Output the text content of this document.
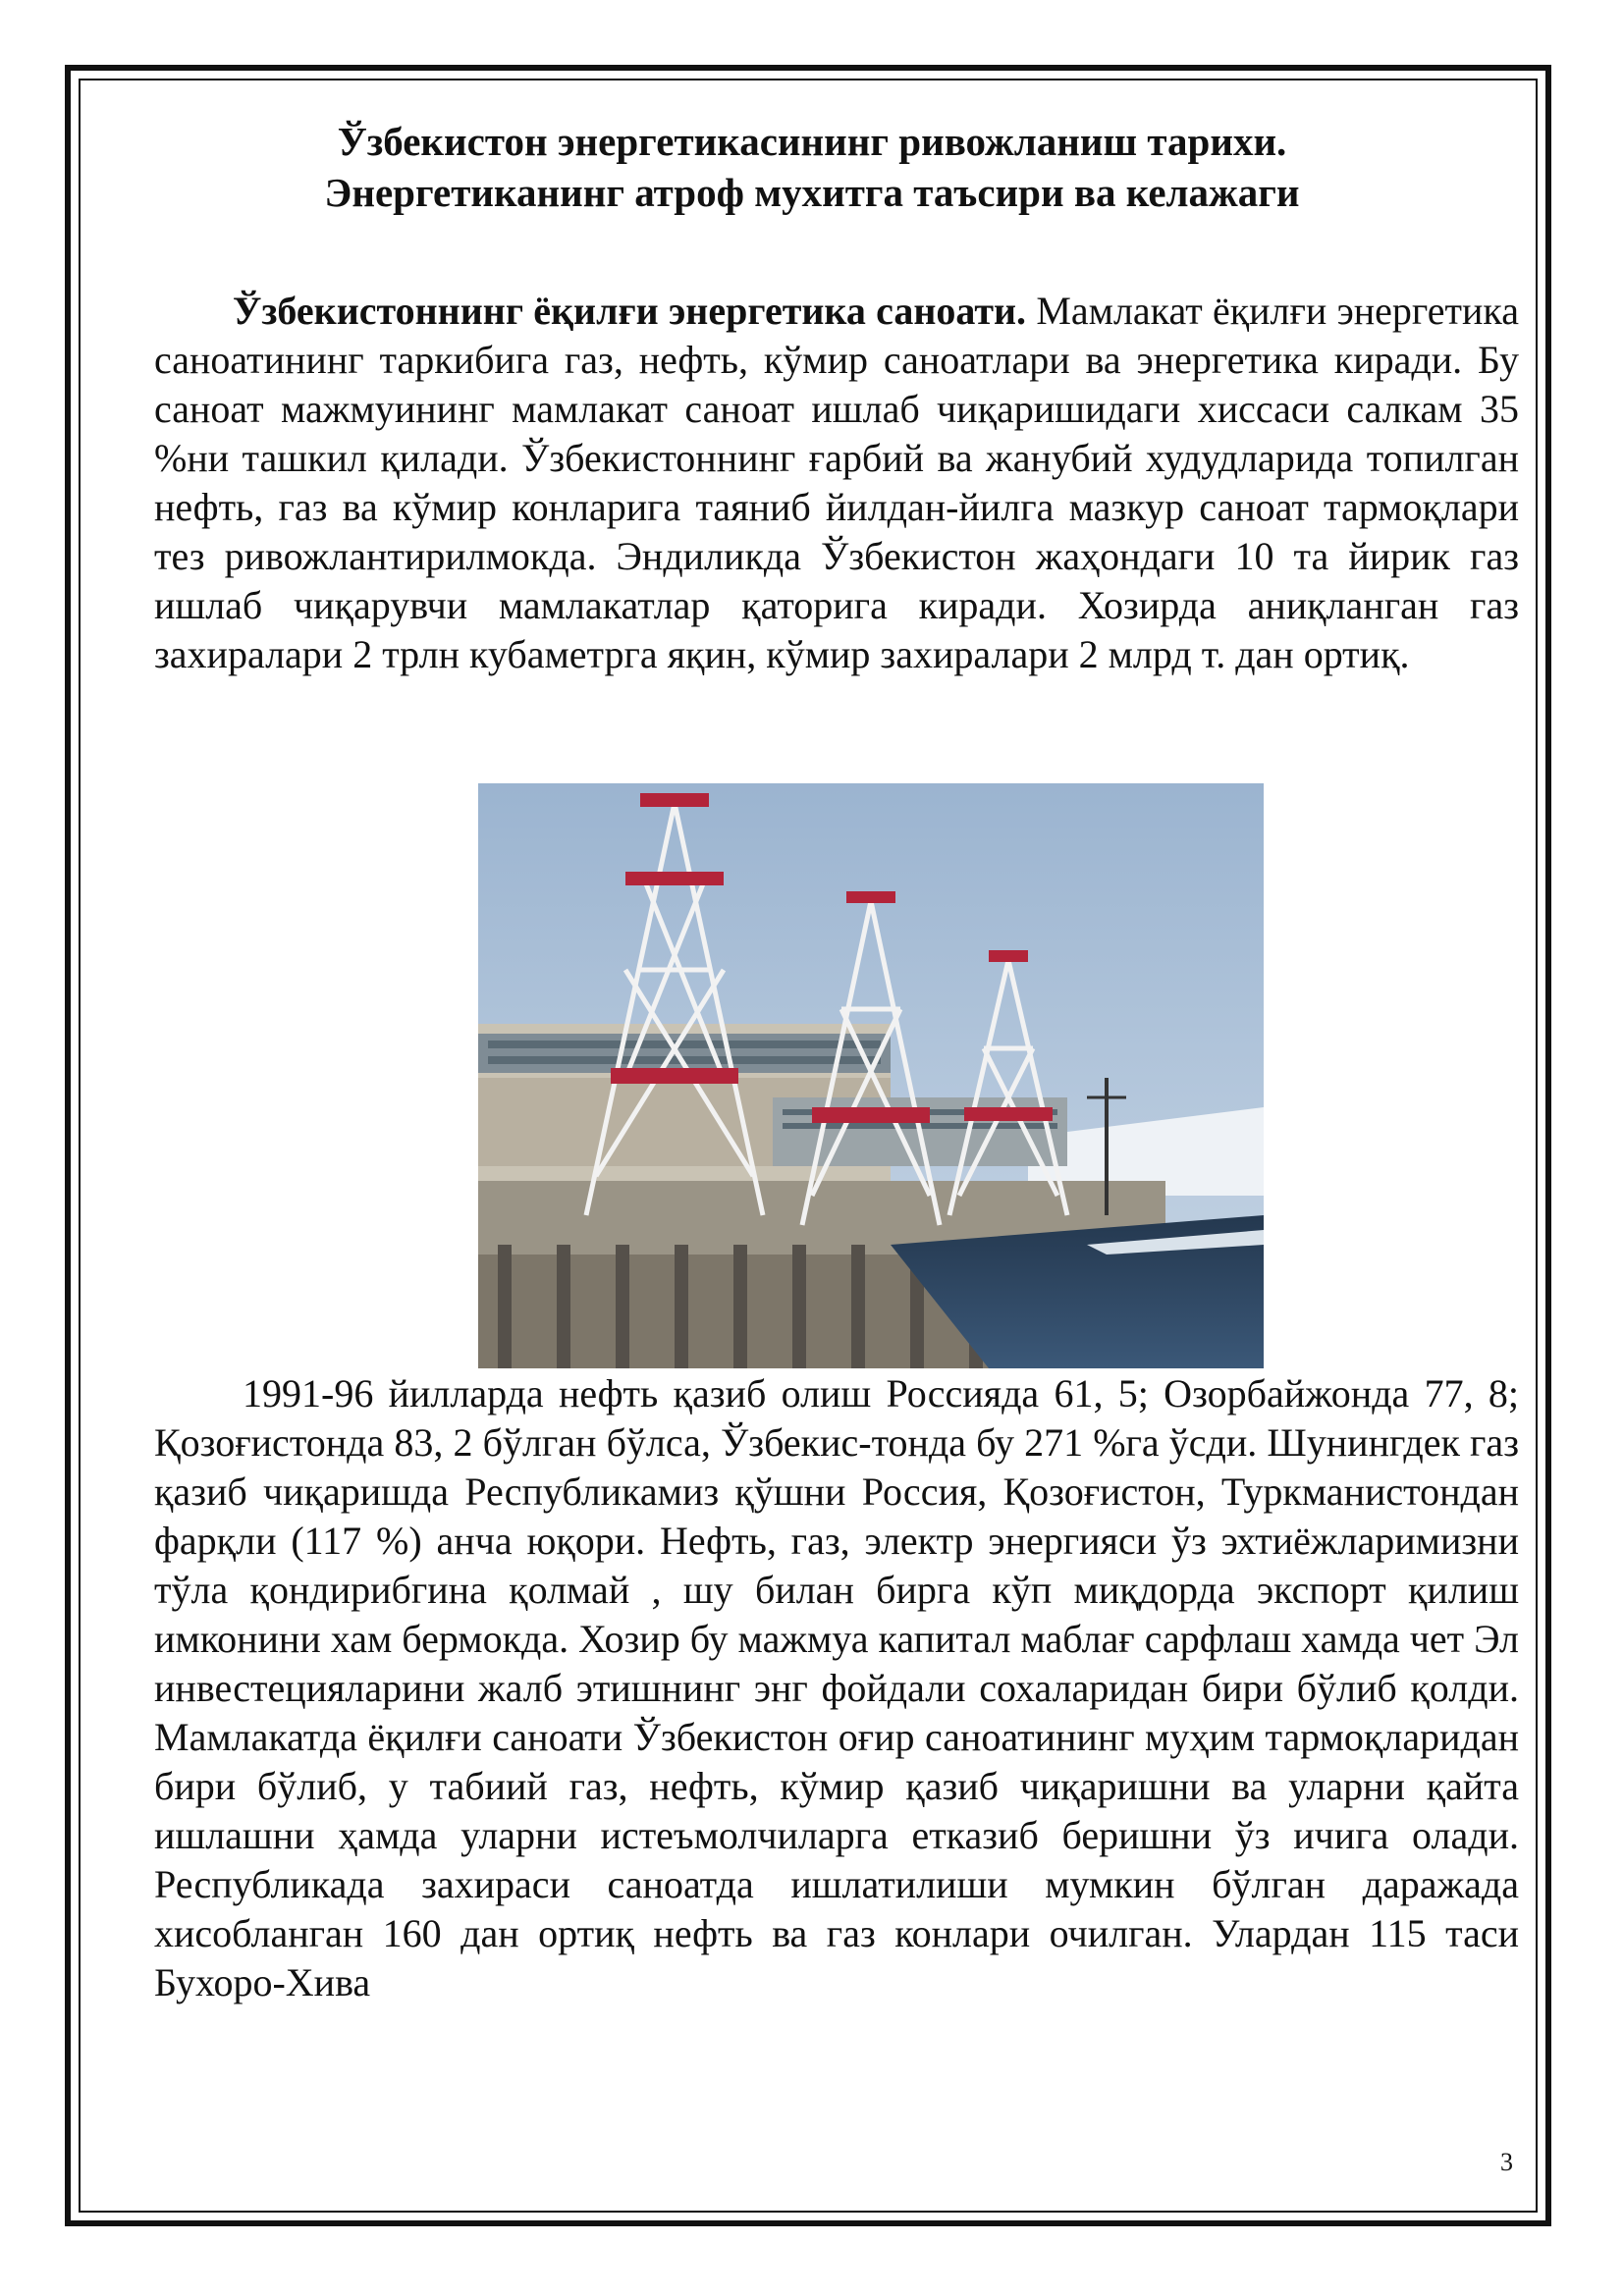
Ўзбекистон энергетикасининг ривожланиш тарихи.
Энергетиканинг атроф мухитга таъсири ва келажаги
Ўзбекистоннинг ёқилғи энергетика саноати. Мамлакат ёқилғи энергетика саноатининг таркибига газ, нефть, кўмир саноатлари ва энергетика киради. Бу саноат мажмуининг мамлакат саноат ишлаб чиқаришидаги хиссаси салкам 35 %ни ташкил қилади. Ўзбекистоннинг ғарбий ва жанубий худудларида топилган нефть, газ ва кўмир конларига таяниб йилдан-йилга мазкур саноат тармоқлари тез ривожлантирилмокда. Эндиликда Ўзбекистон жаҳондаги 10 та йирик газ ишлаб чиқарувчи мамлакатлар қаторига киради. Хозирда аниқланган газ захиралари 2 трлн кубаметрга яқин, кўмир захиралари 2 млрд т. дан ортиқ.
1991-96 йилларда нефть қазиб олиш Россияда 61, 5; Озорбайжонда 77, 8; Қозоғистонда 83, 2 бўлган бўлса, Ўзбекис-тонда бу 271 %га ўсди. Шунингдек газ қазиб чиқаришда Республикамиз қўшни Россия, Қозоғистон, Туркманистондан фарқли (117 %) анча юқори. Нефть, газ, электр энергияси ўз эхтиёжларимизни тўла қондирибгина қолмай , шу билан бирга кўп миқдорда экспорт қилиш имконини хам бермокда. Хозир бу мажмуа капитал маблағ сарфлаш хамда чет Эл инвестецияларини жалб этишнинг энг фойдали сохаларидан бири бўлиб қолди. Мамлакатда ёқилғи саноати Ўзбекистон оғир саноатининг муҳим тармоқларидан бири бўлиб, у табиий газ, нефть, кўмир қазиб чиқаришни ва уларни қайта ишлашни ҳамда уларни истеъмолчиларга етказиб беришни ўз ичига олади. Республикада захираси саноатда ишлатилиши мумкин бўлган даражада хисобланган 160 дан ортиқ нефть ва газ конлари очилган. Улардан 115 таси Бухоро-Хива
3
